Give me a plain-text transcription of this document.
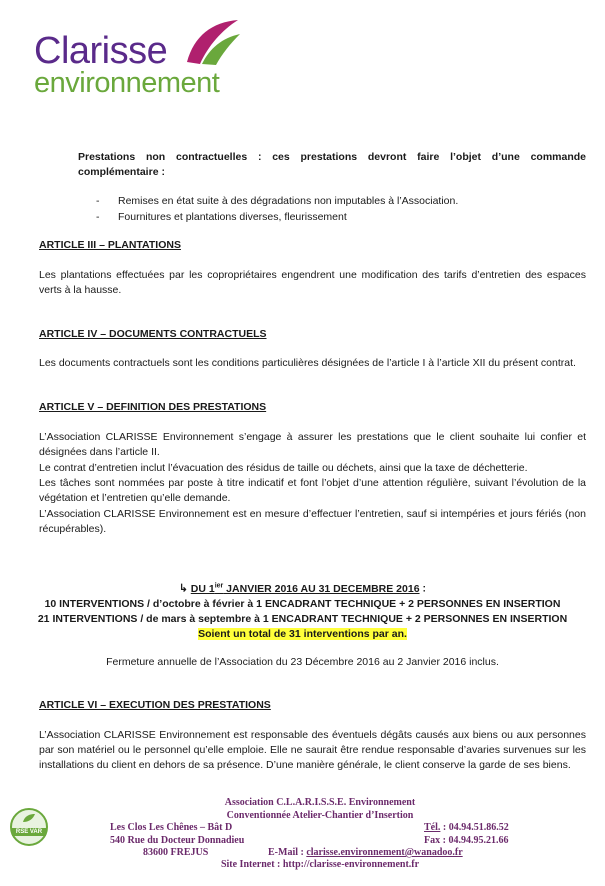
Clarisse
environnement
Prestations non contractuelles : ces prestations devront faire l’objet d’une commande complémentaire :
-	Remises en état suite à des dégradations non imputables à l’Association.
-	Fournitures et plantations diverses, fleurissement
ARTICLE III – PLANTATIONS
Les plantations effectuées par les copropriétaires engendrent une modification des tarifs d’entretien des espaces verts à la hausse.
ARTICLE IV – DOCUMENTS CONTRACTUELS
Les documents contractuels sont les conditions particulières désignées de l’article I à l’article XII du présent contrat.
ARTICLE V – DEFINITION DES PRESTATIONS
L’Association CLARISSE Environnement s’engage à assurer les prestations que le client souhaite lui confier et désignées dans l’article II.
Le contrat d’entretien inclut l’évacuation des résidus de taille ou déchets, ainsi que la taxe de déchetterie.
Les tâches sont nommées par poste à titre indicatif et font l’objet d’une attention régulière, suivant l’évolution de la végétation et l’entretien qu’elle demande.
L’Association CLARISSE Environnement est en mesure d’effectuer l’entretien, sauf si intempéries et jours fériés (non récupérables).
↳ DU $1^{ier}$ JANVIER 2016 AU 31 DECEMBRE 2016 :
10 INTERVENTIONS / d’octobre à février à 1 ENCADRANT TECHNIQUE + 2 PERSONNES EN INSERTION
21 INTERVENTIONS / de mars à septembre à 1 ENCADRANT TECHNIQUE + 2 PERSONNES EN INSERTION
Soient un total de 31 interventions par an.
Fermeture annuelle de l’Association du 23 Décembre 2016 au 2 Janvier 2016 inclus.
ARTICLE VI – EXECUTION DES PRESTATIONS
L’Association CLARISSE Environnement est responsable des éventuels dégâts causés aux biens ou aux personnes par son matériel ou le personnel qu’elle emploie. Elle ne saurait être rendue responsable d’avaries survenues sur les installations du client en dehors de sa présence. D’une manière générale, le client conserve la garde de ses biens.
RSE VAR
Association C.L.A.R.I.S.S.E. Environnement
Conventionnée Atelier-Chantier d’Insertion
Les Clos Les Chênes – Bât D
540 Rue du Docteur Donnadieu
83600 FREJUS
Tél. : 04.94.51.86.52
Fax : 04.94.95.21.66
E-Mail : clarisse.environnement@wanadoo.fr
Site Internet : http://clarisse-environnement.fr
